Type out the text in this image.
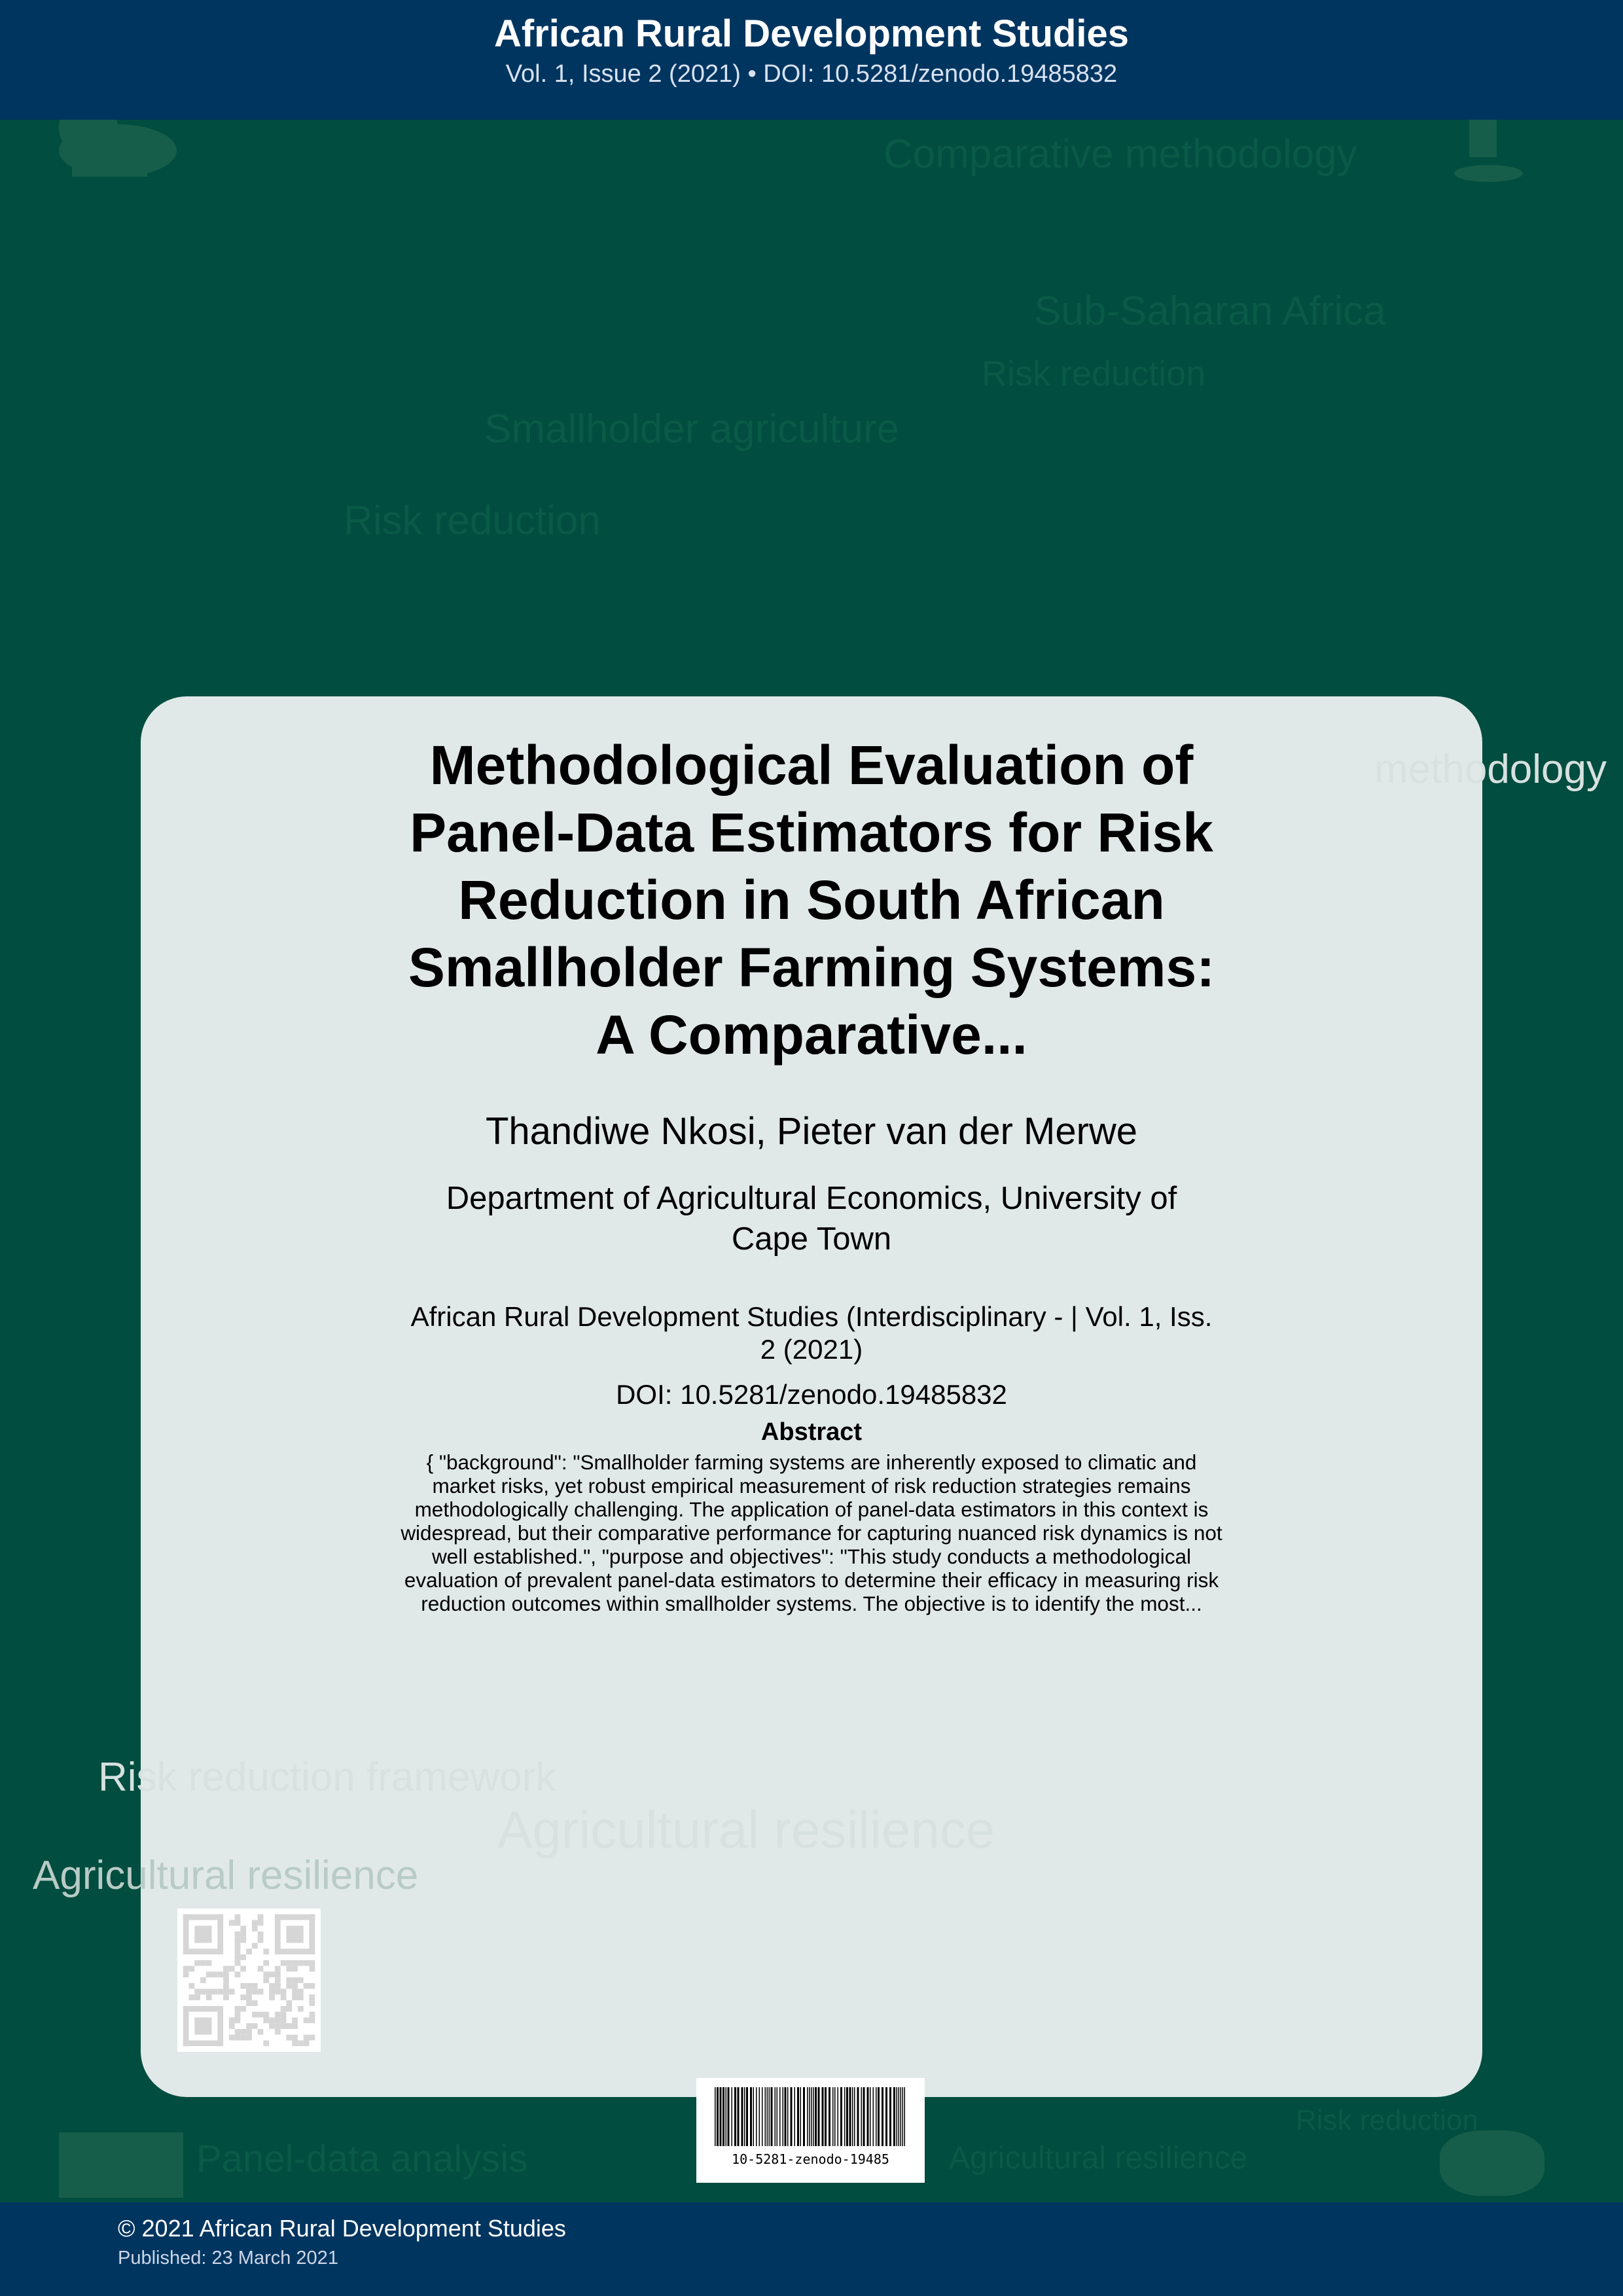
Comparative methodology
Sub-Saharan Africa
Risk reduction
Smallholder agriculture
Risk reduction
Panel-data analysis	Agricultural resilience
Risk reduction
African Rural Development Studies
Vol. 1, Issue 2 (2021) • DOI: 10.5281/zenodo.19485832
Risk reduction framework
Agricultural resilience
methodology
Agricultural resilience
Methodological Evaluation of Panel-Data Estimators for Risk Reduction in South African Smallholder Farming Systems: A Comparative...
Thandiwe Nkosi, Pieter van der Merwe
Department of Agricultural Economics, University of Cape Town
African Rural Development Studies (Interdisciplinary - | Vol. 1, Iss. 2 (2021)
DOI: 10.5281/zenodo.19485832
Abstract
{ "background": "Smallholder farming systems are inherently exposed to climatic and market risks, yet robust empirical measurement of risk reduction strategies remains methodologically challenging. The application of panel-data estimators in this context is widespread, but their comparative performance for capturing nuanced risk dynamics is not well established.", "purpose and objectives": "This study conducts a methodological evaluation of prevalent panel-data estimators to determine their efficacy in measuring risk reduction outcomes within smallholder systems. The objective is to identify the most...
10-5281-zenodo-19485
© 2021 African Rural Development Studies
Published: 23 March 2021
